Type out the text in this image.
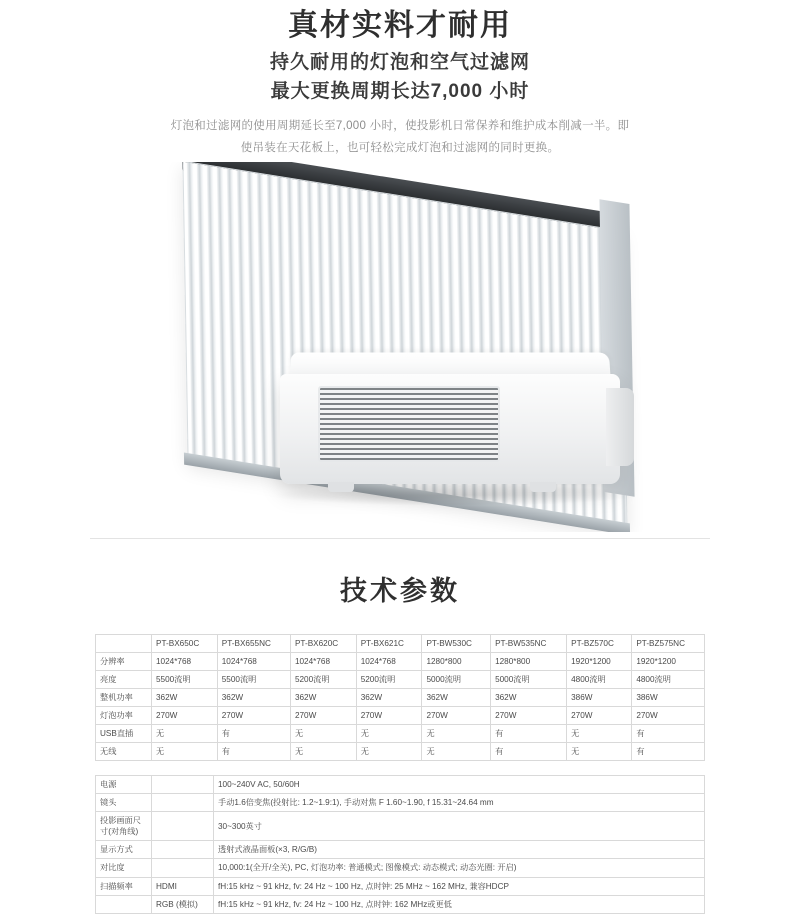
真材实料才耐用
持久耐用的灯泡和空气过滤网
最大更换周期长达7,000 小时
灯泡和过滤网的使用周期延长至7,000 小时，使投影机日常保养和维护成本削减一半。即使吊装在天花板上，也可轻松完成灯泡和过滤网的同时更换。
技术参数
	PT-BX650C	PT-BX655NC	PT-BX620C	PT-BX621C	PT-BW530C	PT-BW535NC	PT-BZ570C	PT-BZ575NC
分辨率	1024*768	1024*768	1024*768	1024*768	1280*800	1280*800	1920*1200	1920*1200
亮度	5500流明	5500流明	5200流明	5200流明	5000流明	5000流明	4800流明	4800流明
整机功率	362W	362W	362W	362W	362W	362W	386W	386W
灯泡功率	270W	270W	270W	270W	270W	270W	270W	270W
USB直插	无	有	无	无	无	有	无	有
无线	无	有	无	无	无	有	无	有
电源		100~240V AC, 50/60H
镜头		手动1.6倍变焦(投射比: 1.2~1.9:1), 手动对焦 F 1.60~1.90, f 15.31~24.64 mm
投影画面尺寸(对角线)		30~300英寸
显示方式		透射式液晶面板(×3, R/G/B)
对比度		10,000:1(全开/全关), PC, 灯泡功率: 普通模式; 图像模式: 动态模式; 动态光圈: 开启)
扫描频率	HDMI	fH:15 kHz ~ 91 kHz, fv: 24 Hz ~ 100 Hz, 点时钟: 25 MHz ~ 162 MHz, 兼容HDCP
	RGB (模拟)	fH:15 kHz ~ 91 kHz, fv: 24 Hz ~ 100 Hz, 点时钟: 162 MHz或更低
